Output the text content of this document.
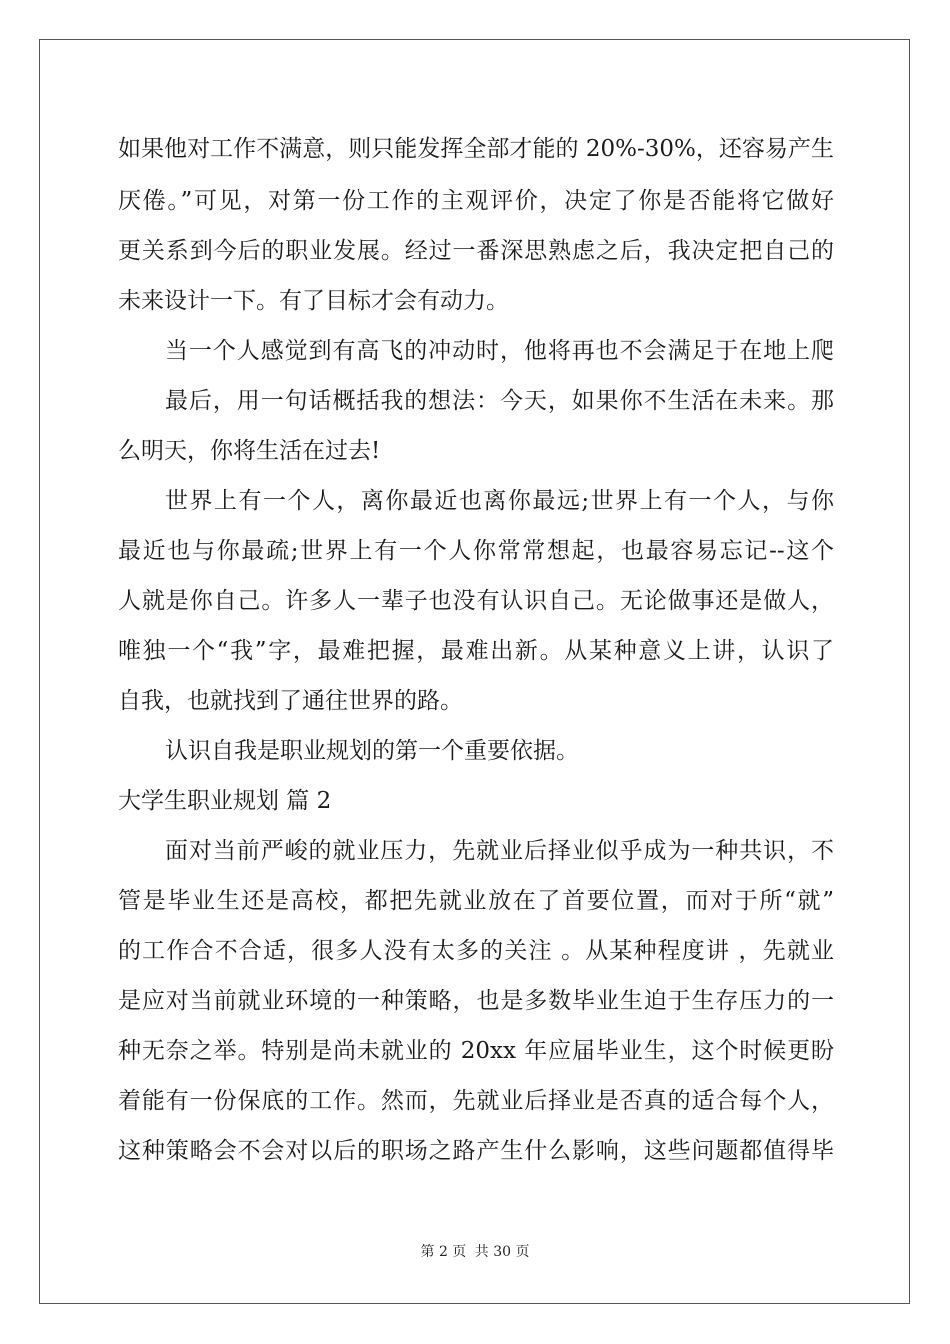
如果他对工作不满意，则只能发挥全部才能的 20%-30%，还容易产生
厌倦。”可见，对第一份工作的主观评价，决定了你是否能将它做好
更关系到今后的职业发展。经过一番深思熟虑之后，我决定把自己的
未来设计一下。有了目标才会有动力。
当一个人感觉到有高飞的冲动时，他将再也不会满足于在地上爬
最后，用一句话概括我的想法：今天，如果你不生活在未来。那
么明天，你将生活在过去!
世界上有一个人，离你最近也离你最远;世界上有一个人，与你
最近也与你最疏;世界上有一个人你常常想起，也最容易忘记--这个
人就是你自己。许多人一辈子也没有认识自己。无论做事还是做人，
唯独一个“我”字，最难把握，最难出新。从某种意义上讲，认识了
自我，也就找到了通往世界的路。
认识自我是职业规划的第一个重要依据。
大学生职业规划 篇 2
面对当前严峻的就业压力，先就业后择业似乎成为一种共识，不
管是毕业生还是高校，都把先就业放在了首要位置，而对于所“就”
的工作合不合适，很多人没有太多的关注 。从某种程度讲 ，先就业
是应对当前就业环境的一种策略，也是多数毕业生迫于生存压力的一
种无奈之举。特别是尚未就业的 20xx 年应届毕业生，这个时候更盼
着能有一份保底的工作。然而，先就业后择业是否真的适合每个人，
这种策略会不会对以后的职场之路产生什么影响，这些问题都值得毕
第 2 页 共 30 页
